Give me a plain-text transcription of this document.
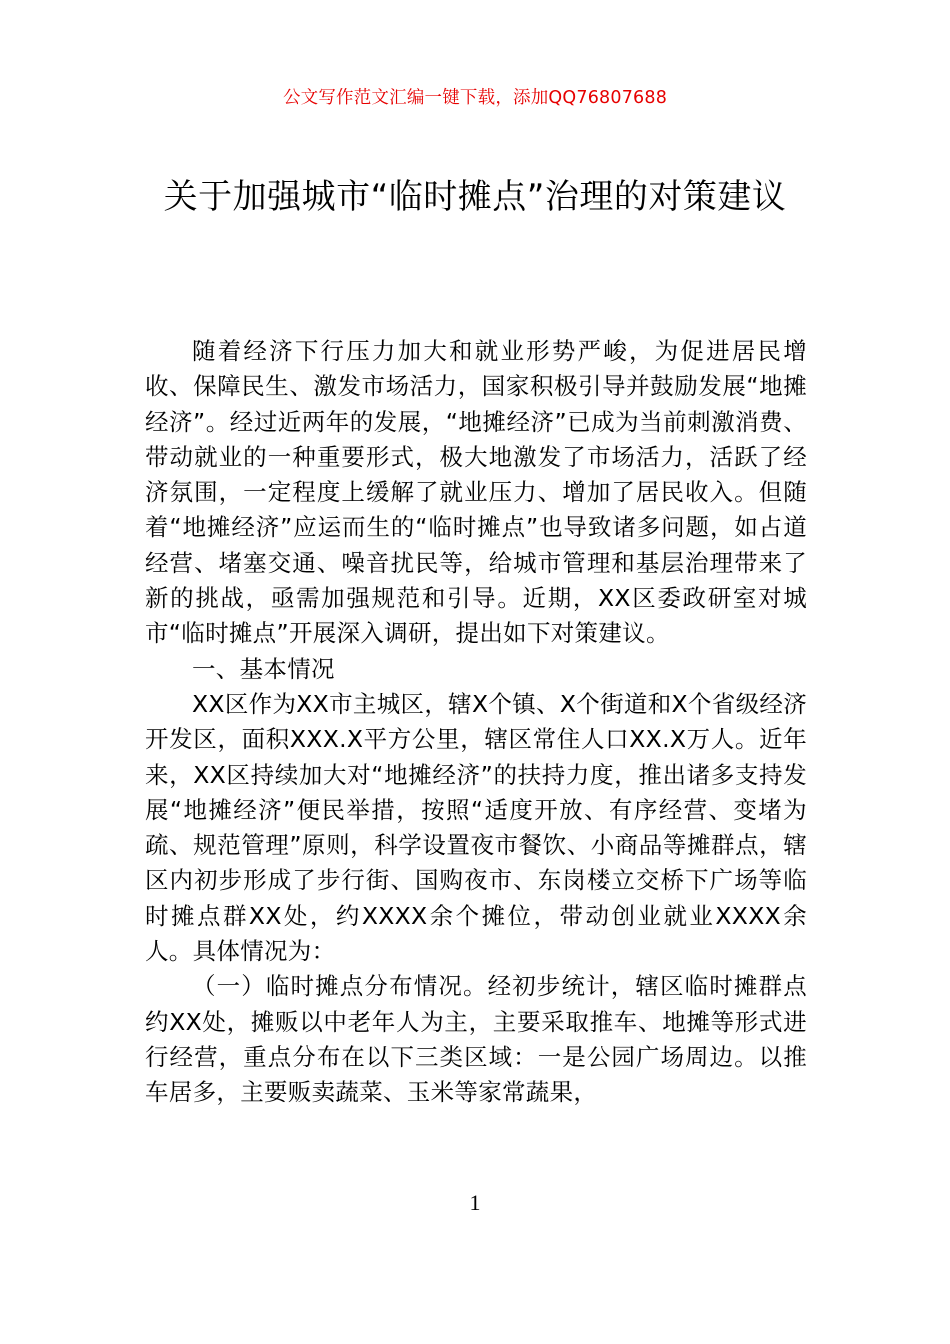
公文写作范文汇编一键下载，添加QQ76807688
关于加强城市“临时摊点”治理的对策建议

随着经济下行压力加大和就业形势严峻，为促进居民增收、保障民生、激发市场活力，国家积极引导并鼓励发展“地摊经济”。经过近两年的发展，“地摊经济”已成为当前刺激消费、带动就业的一种重要形式，极大地激发了市场活力，活跃了经济氛围，一定程度上缓解了就业压力、增加了居民收入。但随着“地摊经济”应运而生的“临时摊点”也导致诸多问题，如占道经营、堵塞交通、噪音扰民等，给城市管理和基层治理带来了新的挑战，亟需加强规范和引导。近期，XX区委政研室对城市“临时摊点”开展深入调研，提出如下对策建议。

一、基本情况

XX区作为XX市主城区，辖X个镇、X个街道和X个省级经济开发区，面积XXX.X平方公里，辖区常住人口XX.X万人。近年来，XX区持续加大对“地摊经济”的扶持力度，推出诸多支持发展“地摊经济”便民举措，按照“适度开放、有序经营、变堵为疏、规范管理”原则，科学设置夜市餐饮、小商品等摊群点，辖区内初步形成了步行街、国购夜市、东岗楼立交桥下广场等临时摊点群XX处，约XXXX余个摊位，带动创业就业XXXX余人。具体情况为：

（一）临时摊点分布情况。经初步统计，辖区临时摊群点约XX处，摊贩以中老年人为主，主要采取推车、地摊等形式进行经营，重点分布在以下三类区域：一是公园广场周边。以推车居多，主要贩卖蔬菜、玉米等家常蔬果，

1
